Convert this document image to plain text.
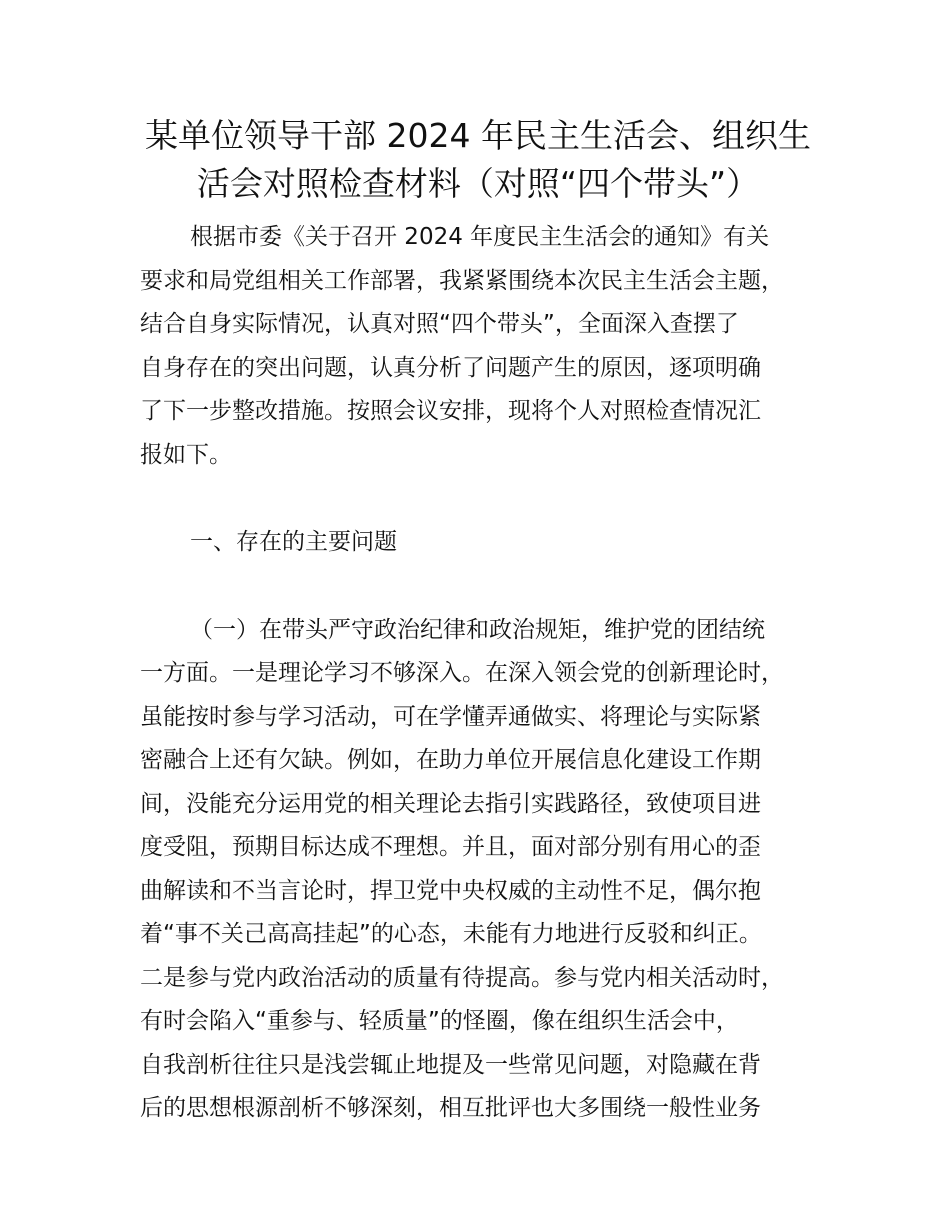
某单位领导干部 2024 年民主生活会、组织生
活会对照检查材料（对照“四个带头”）
根据市委《关于召开 2024 年度民主生活会的通知》有关
要求和局党组相关工作部署，我紧紧围绕本次民主生活会主题，
结合自身实际情况，认真对照“四个带头”，全面深入查摆了
自身存在的突出问题，认真分析了问题产生的原因，逐项明确
了下一步整改措施。按照会议安排，现将个人对照检查情况汇
报如下。
一、存在的主要问题
（一）在带头严守政治纪律和政治规矩，维护党的团结统
一方面。一是理论学习不够深入。在深入领会党的创新理论时，
虽能按时参与学习活动，可在学懂弄通做实、将理论与实际紧
密融合上还有欠缺。例如，在助力单位开展信息化建设工作期
间，没能充分运用党的相关理论去指引实践路径，致使项目进
度受阻，预期目标达成不理想。并且，面对部分别有用心的歪
曲解读和不当言论时，捍卫党中央权威的主动性不足，偶尔抱
着“事不关己高高挂起”的心态，未能有力地进行反驳和纠正。
二是参与党内政治活动的质量有待提高。参与党内相关活动时，
有时会陷入“重参与、轻质量”的怪圈，像在组织生活会中，
自我剖析往往只是浅尝辄止地提及一些常见问题，对隐藏在背
后的思想根源剖析不够深刻，相互批评也大多围绕一般性业务
